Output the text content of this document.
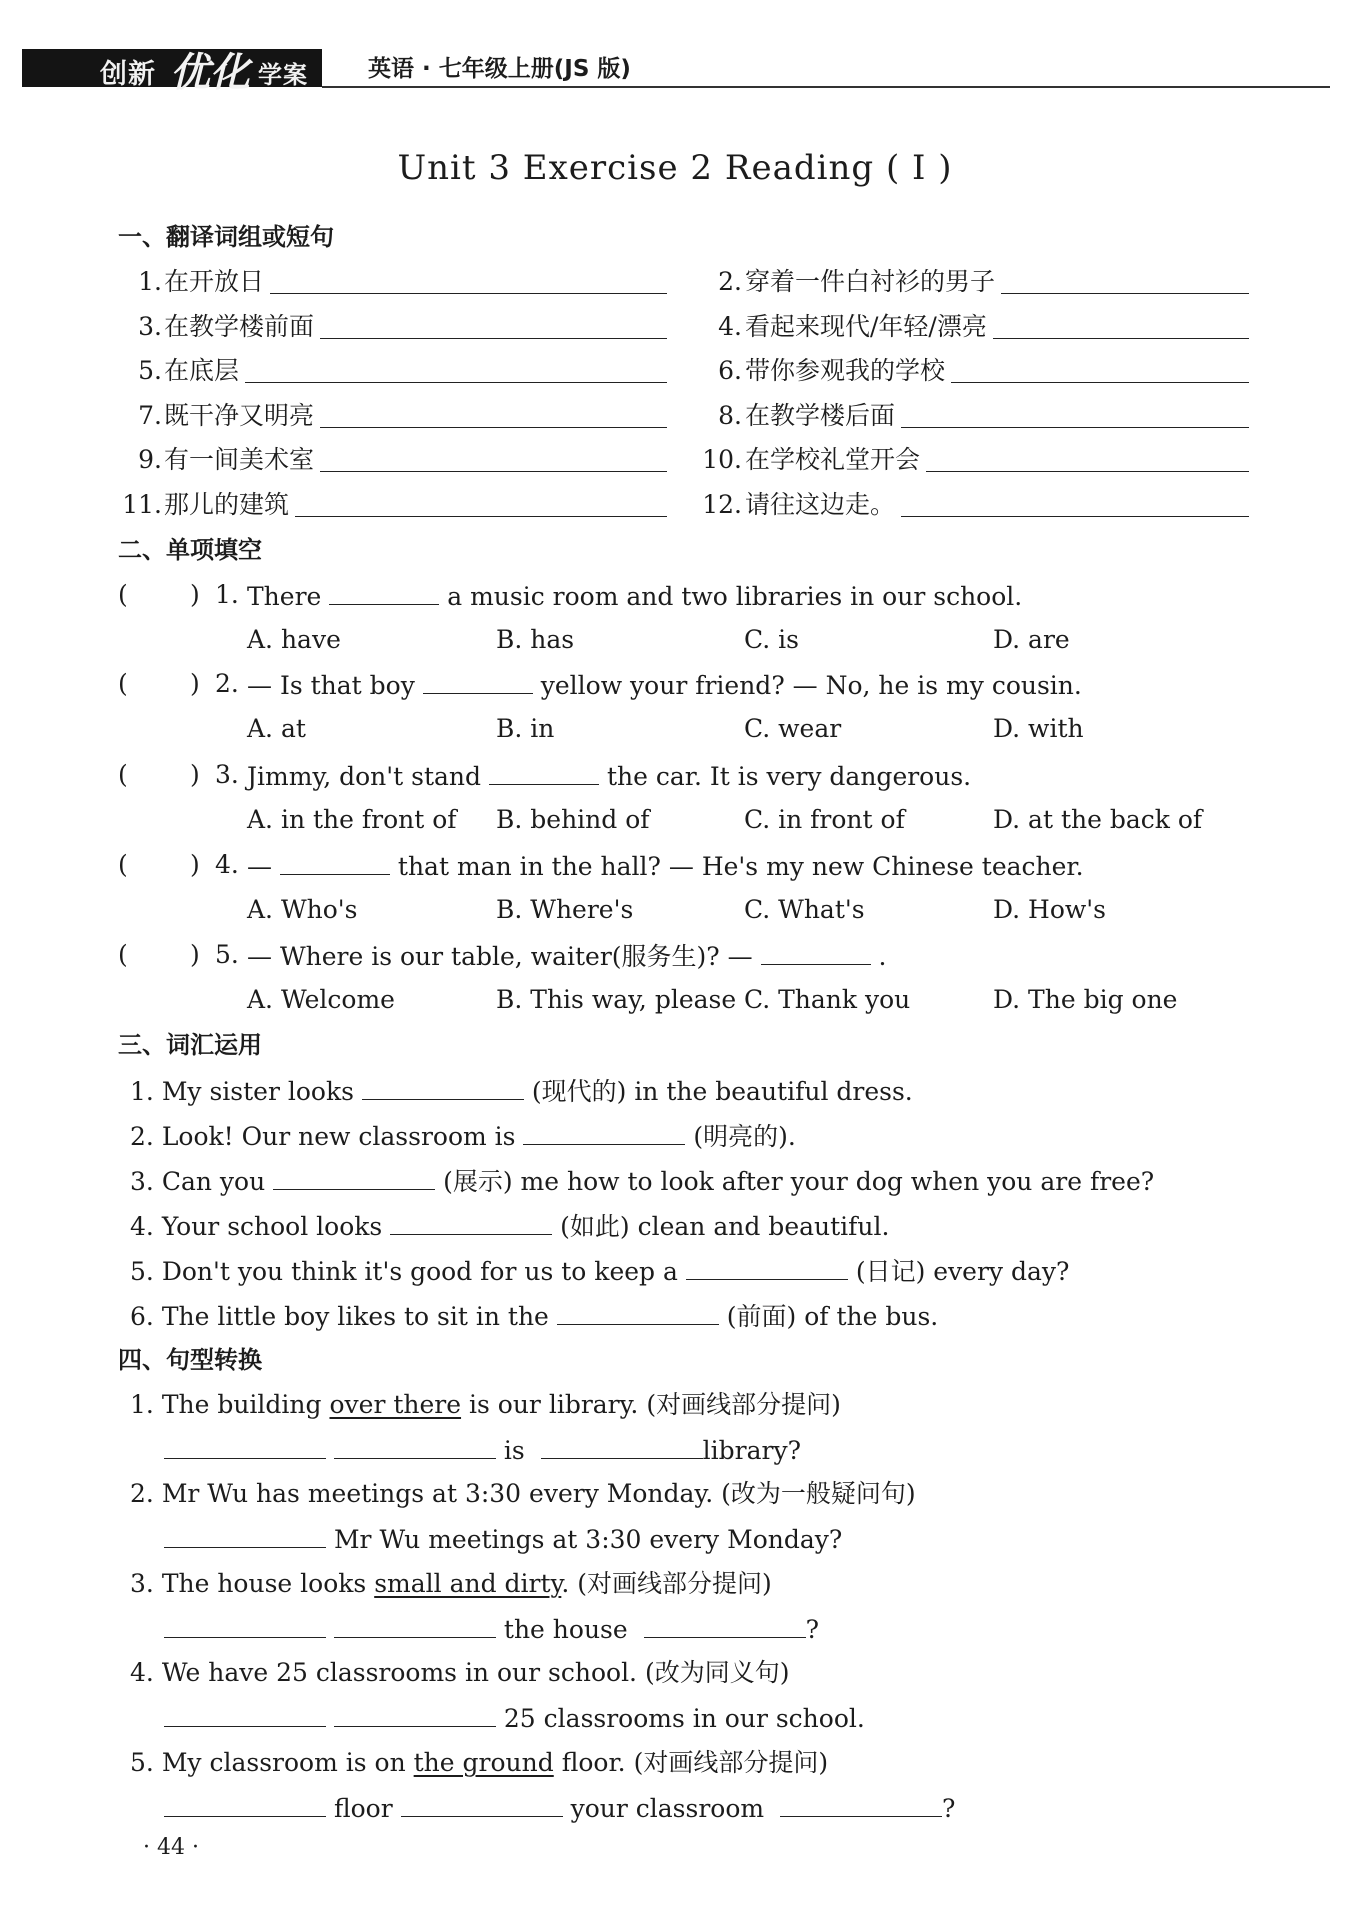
创新 优化 学案	英语 · 七年级上册(JS 版)
Unit 3 Exercise 2 Reading ( Ⅰ )
一、翻译词组或短句
1. 在开放日	2. 穿着一件白衬衫的男子
3. 在教学楼前面	4. 看起来现代/年轻/漂亮
5. 在底层	6. 带你参观我的学校
7. 既干净又明亮	8. 在教学楼后面
9. 有一间美术室	10. 在学校礼堂开会
11. 那儿的建筑	12. 请往这边走。
二、单项填空
( ) 1. There	a music room and two libraries in our school.
A. have	B. has	C. is	D. are
( ) 2. — Is that boy	yellow your friend? — No, he is my cousin.
A. at	B. in	C. wear	D. with
( ) 3. Jimmy, don't stand	the car. It is very dangerous.
A. in the front of B. behind of	C. in front of	D. at the back of
( ) 4. —	that man in the hall? — He's my new Chinese teacher.
A. Who's	B. Where's	C. What's	D. How's
( ) 5. — Where is our table, waiter(服务生)? —	.
A. Welcome	B. This way, please C. Thank you	D. The big one
三、词汇运用
1. My sister looks	(现代的) in the beautiful dress.
2. Look! Our new classroom is	(明亮的).
3. Can you	(展示) me how to look after your dog when you are free?
4. Your school looks	(如此) clean and beautiful.
5. Don't you think it's good for us to keep a	(日记) every day?
6. The little boy likes to sit in the	(前面) of the bus.
四、句型转换
1. The building over there is our library. (对画线部分提问)
is	library?
2. Mr Wu has meetings at 3:30 every Monday. (改为一般疑问句)
Mr Wu meetings at 3:30 every Monday?
3. The house looks small and dirty. (对画线部分提问)
the house	?
4. We have 25 classrooms in our school. (改为同义句)
25 classrooms in our school.
5. My classroom is on the ground floor. (对画线部分提问)
floor	your classroom	?
· 44 ·
